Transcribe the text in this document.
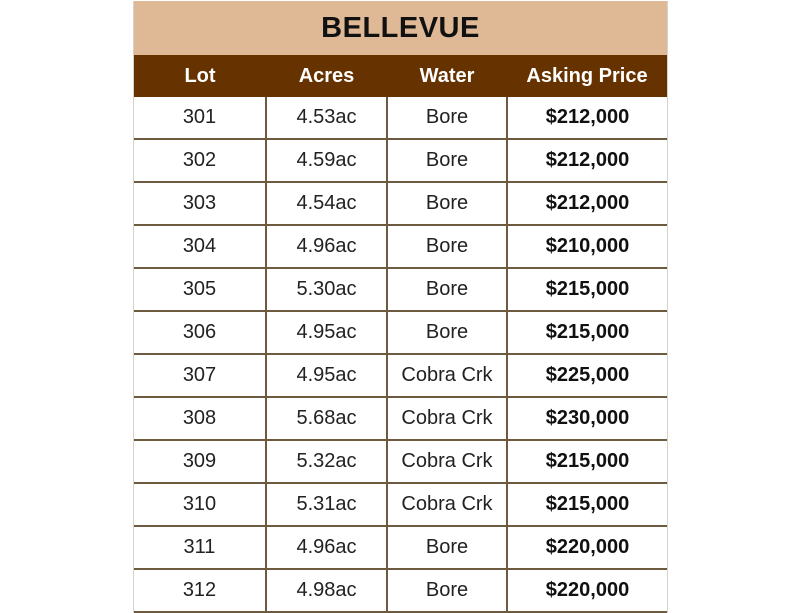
BELLEVUE
Lot	Acres	Water	Asking Price
301	4.53ac	Bore	$212,000
302	4.59ac	Bore	$212,000
303	4.54ac	Bore	$212,000
304	4.96ac	Bore	$210,000
305	5.30ac	Bore	$215,000
306	4.95ac	Bore	$215,000
307	4.95ac	Cobra Crk	$225,000
308	5.68ac	Cobra Crk	$230,000
309	5.32ac	Cobra Crk	$215,000
310	5.31ac	Cobra Crk	$215,000
311	4.96ac	Bore	$220,000
312	4.98ac	Bore	$220,000
